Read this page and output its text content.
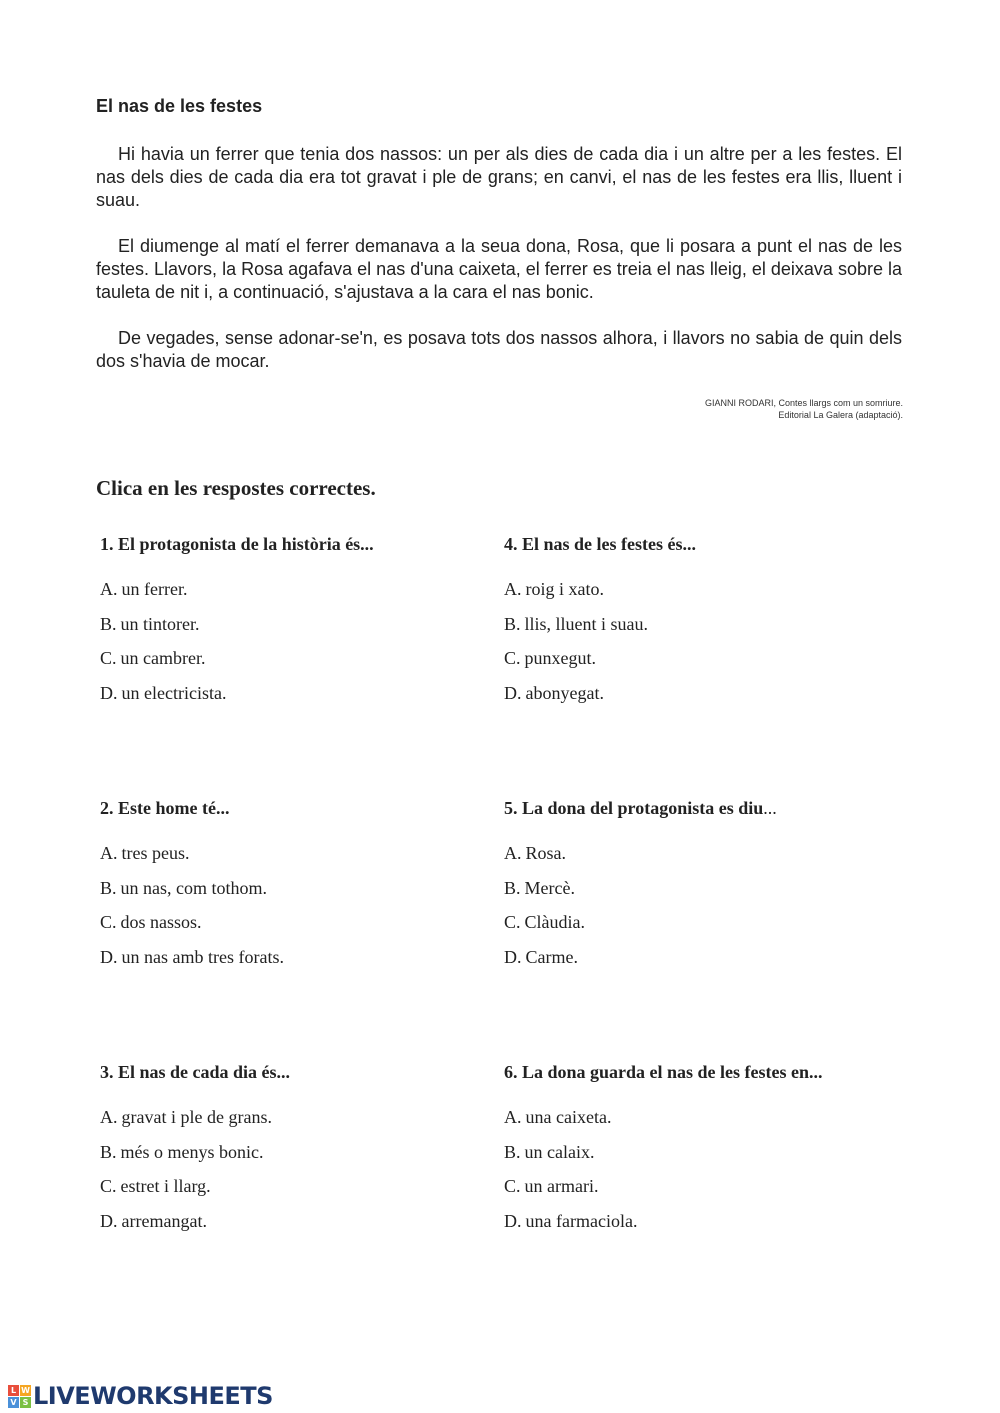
El nas de les festes
Hi havia un ferrer que tenia dos nassos: un per als dies de cada dia i un altre per a les festes. El nas dels dies de cada dia era tot gravat i ple de grans; en canvi, el nas de les festes era llis, lluent i suau.
El diumenge al matí el ferrer demanava a la seua dona, Rosa, que li posara a punt el nas de les festes. Llavors, la Rosa agafava el nas d'una caixeta, el ferrer es treia el nas lleig, el deixava sobre la tauleta de nit i, a continuació, s'ajustava a la cara el nas bonic.
De vegades, sense adonar-se'n, es posava tots dos nassos alhora, i llavors no sabia de quin dels dos s'havia de mocar.
GIANNI RODARI, Contes llargs com un somriure.
Editorial La Galera (adaptació).
Clica en les respostes correctes.
1. El protagonista de la història és...
A. un ferrer.
B. un tintorer.
C. un cambrer.
D. un electricista.
2. Este home té...
A. tres peus.
B. un nas, com tothom.
C. dos nassos.
D. un nas amb tres forats.
3. El nas de cada dia és...
A. gravat i ple de grans.
B. més o menys bonic.
C. estret i llarg.
D. arremangat.
4. El nas de les festes és...
A. roig i xato.
B. llis, lluent i suau.
C. punxegut.
D. abonyegat.
5. La dona del protagonista es diu...
A. Rosa.
B. Mercè.
C. Clàudia.
D. Carme.
6. La dona guarda el nas de les festes en...
A. una caixeta.
B. un calaix.
C. un armari.
D. una farmaciola.
L W
V S LIVEWORKSHEETS
